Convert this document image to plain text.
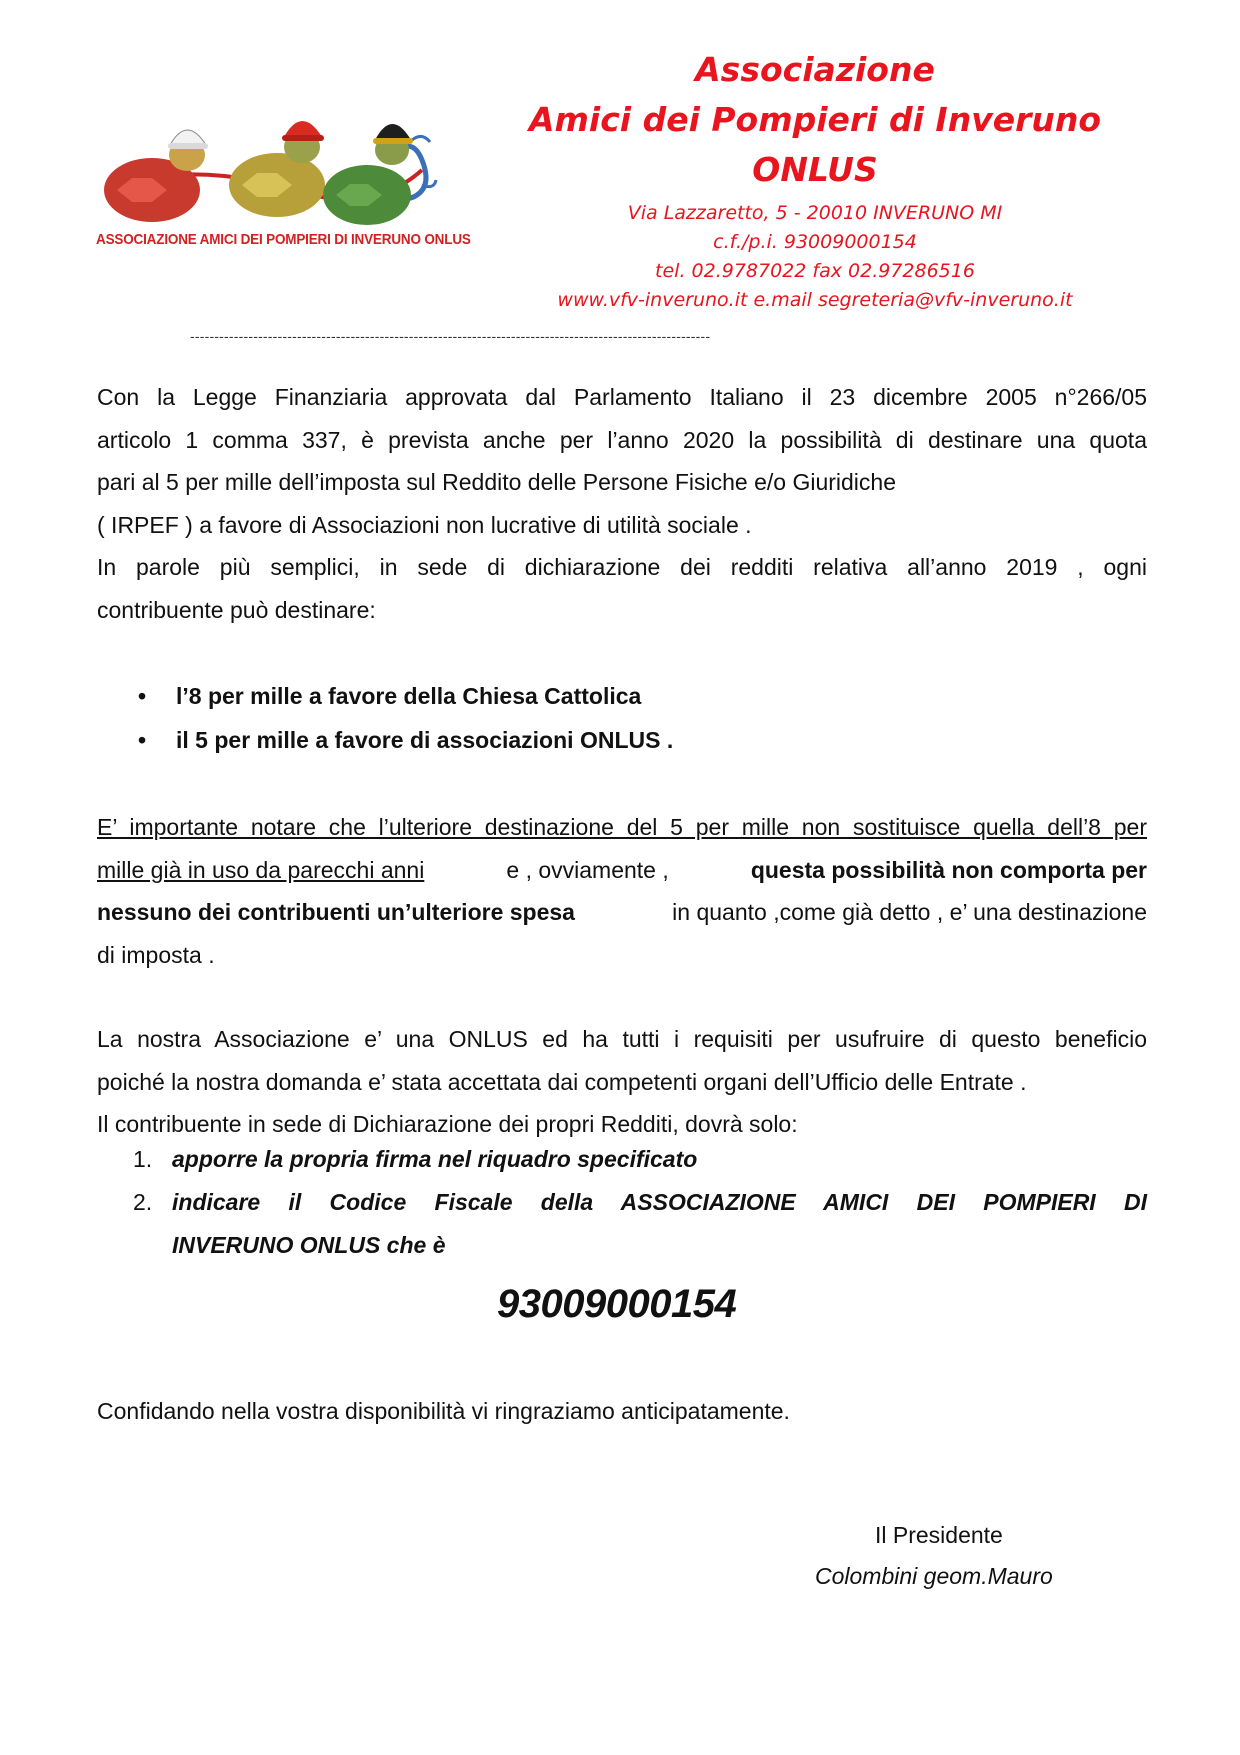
ASSOCIAZIONE AMICI DEI POMPIERI DI INVERUNO ONLUS
Associazione
Amici dei Pompieri di Inveruno
ONLUS
Via Lazzaretto, 5 - 20010 INVERUNO MI
c.f./p.i. 93009000154
tel. 02.9787022 fax 02.97286516
www.vfv-inveruno.it e.mail segreteria@vfv-inveruno.it
-----------------------------------------------------------------------------------------------------------
Con la Legge Finanziaria approvata dal Parlamento Italiano il 23 dicembre 2005 n°266/05
articolo 1 comma 337, è prevista anche per l’anno 2020 la possibilità di destinare una quota
pari al 5 per mille dell’imposta sul Reddito delle Persone Fisiche e/o Giuridiche
( IRPEF ) a favore di Associazioni non lucrative di utilità sociale .
In parole più semplici, in sede di dichiarazione dei redditi relativa all’anno 2019 , ogni
contribuente può destinare:
• l’8 per mille a favore della Chiesa Cattolica
• il 5 per mille a favore di associazioni ONLUS .
E’ importante notare che l’ulteriore destinazione del 5 per mille non sostituisce quella dell’8 per
mille già in uso da parecchi anni	e , ovviamente ,	questa possibilità non comporta per
nessuno dei contribuenti un’ulteriore spesa	in quanto ,come già detto , e’ una destinazione
di imposta .
La nostra Associazione e’ una ONLUS ed ha tutti i requisiti per usufruire di questo beneficio
poiché la nostra domanda e’ stata accettata dai competenti organi dell’Ufficio delle Entrate .
Il contribuente in sede di Dichiarazione dei propri Redditi, dovrà solo:
1. apporre la propria firma nel riquadro specificato
2. indicare il Codice Fiscale della ASSOCIAZIONE AMICI DEI POMPIERI DI
INVERUNO ONLUS che è
93009000154
Confidando nella vostra disponibilità vi ringraziamo anticipatamente.
Il Presidente
Colombini geom.Mauro
